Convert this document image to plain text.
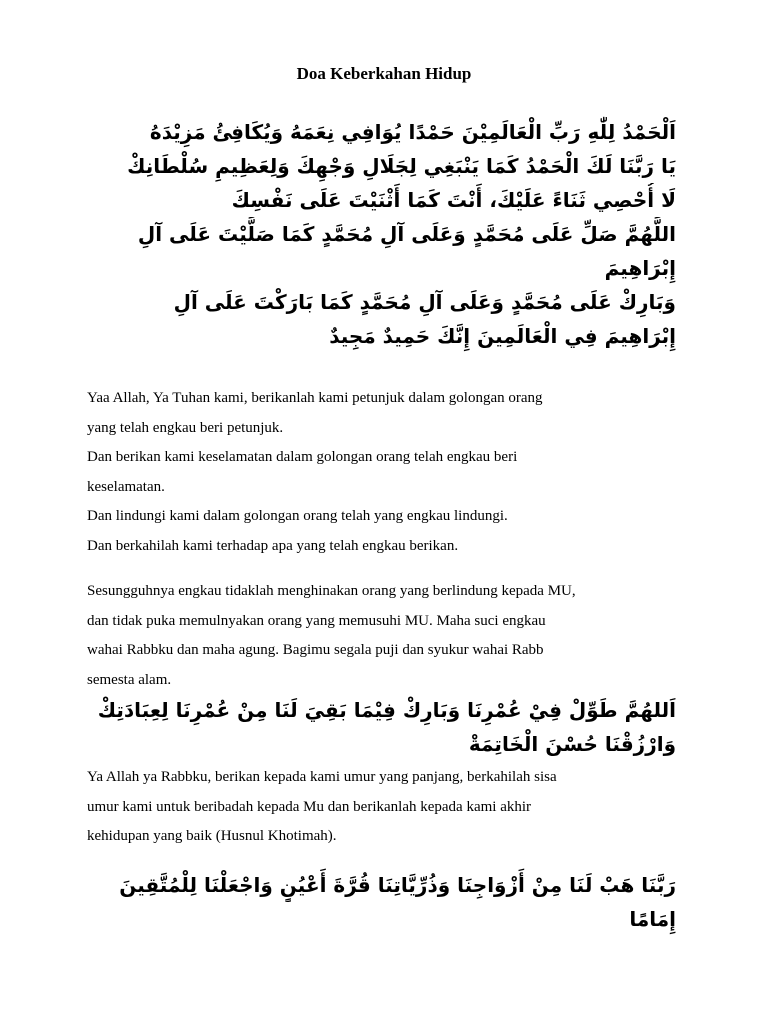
Doa Keberkahan Hidup
اَلْحَمْدُ لِلّٰهِ رَبِّ الْعَالَمِيْنَ حَمْدًا يُوَافِي نِعَمَهُ وَيُكَافِئُ مَزِيْدَهُ
يَا رَبَّنَا لَكَ الْحَمْدُ كَمَا يَنْبَغِي لِجَلَالِ وَجْهِكَ وَلِعَظِيمِ سُلْطَانِكْ
لَا أُحْصِي ثَنَاءً عَلَيْكَ، أَنْتَ كَمَا أَثْنَيْتَ عَلَى نَفْسِكَ
اللَّهُمَّ صَلِّ عَلَى مُحَمَّدٍ وَعَلَى آلِ مُحَمَّدٍ كَمَا صَلَّيْتَ عَلَى آلِ
إِبْرَاهِيمَ
وَبَارِكْ عَلَى مُحَمَّدٍ وَعَلَى آلِ مُحَمَّدٍ كَمَا بَارَكْتَ عَلَى آلِ
إِبْرَاهِيمَ فِي الْعَالَمِينَ إِنَّكَ حَمِيدٌ مَجِيدٌ
Yaa Allah, Ya Tuhan kami, berikanlah kami petunjuk dalam golongan orang
yang telah engkau beri petunjuk.
Dan berikan kami keselamatan dalam golongan orang telah engkau beri
keselamatan.
Dan lindungi kami dalam golongan orang telah yang engkau lindungi.
Dan berkahilah kami terhadap apa yang telah engkau berikan.
Sesungguhnya engkau tidaklah menghinakan orang yang berlindung kepada MU,
dan tidak puka memulnyakan orang yang memusuhi MU. Maha suci engkau
wahai Rabbku dan maha agung. Bagimu segala puji dan syukur wahai Rabb
semesta alam.
اَللهُمَّ طَوِّلْ فِيْ عُمْرِنَا وَبَارِكْ فِيْمَا بَقِيَ لَنَا مِنْ عُمْرِنَا لِعِبَادَتِكْ
وَارْزُقْنَا حُسْنَ الْخَاتِمَةْ
Ya Allah ya Rabbku, berikan kepada kami umur yang panjang, berkahilah sisa
umur kami untuk beribadah kepada Mu dan berikanlah kepada kami akhir
kehidupan yang baik (Husnul Khotimah).
رَبَّنَا هَبْ لَنَا مِنْ أَزْوَاجِنَا وَذُرِّيَّاتِنَا قُرَّةَ أَعْيُنٍ وَاجْعَلْنَا لِلْمُتَّقِينَ
إِمَامًا
